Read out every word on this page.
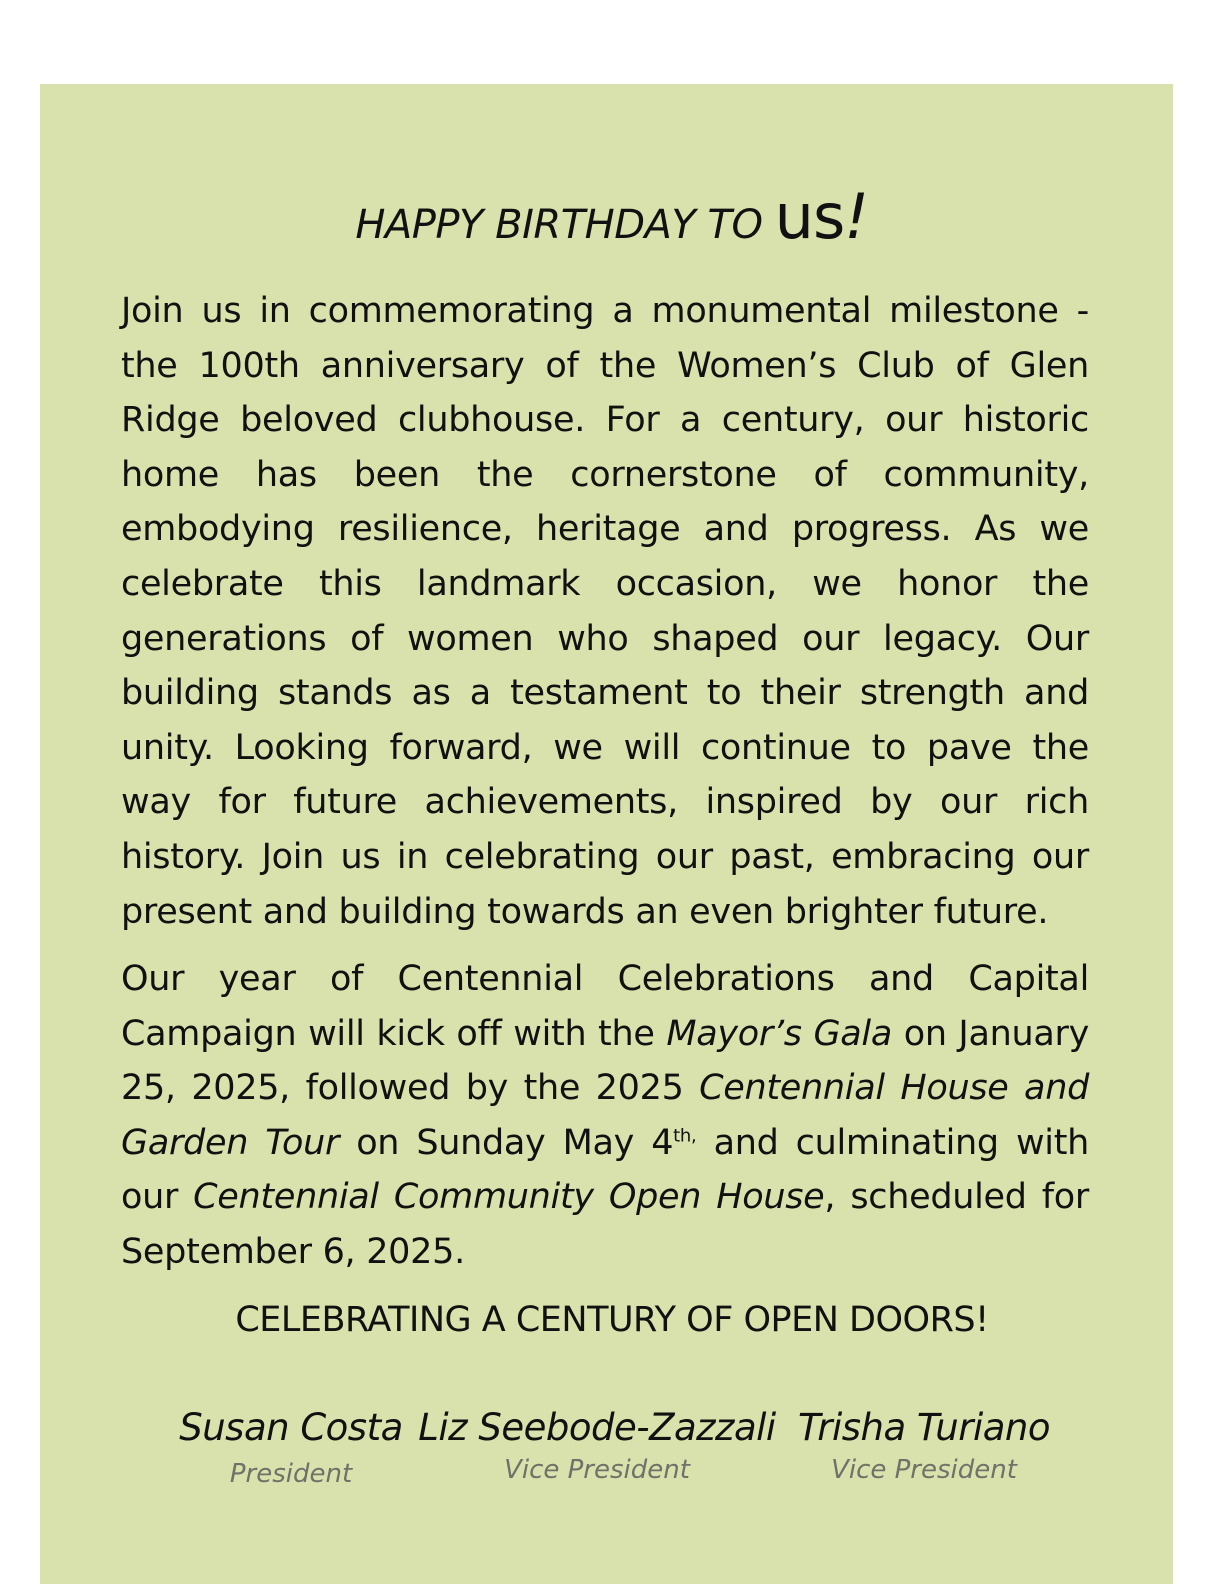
HAPPY BIRTHDAY TO us!

Join us in commemorating a monumental milestone - the 100th anniversary of the Women’s Club of Glen Ridge beloved clubhouse. For a century, our historic home has been the cornerstone of community, embodying resilience, heritage and progress. As we celebrate this landmark occasion, we honor the generations of women who shaped our legacy. Our building stands as a testament to their strength and unity. Looking forward, we will continue to pave the way for future achievements, inspired by our rich history. Join us in celebrating our past, embracing our present and building towards an even brighter future.

Our year of Centennial Celebrations and Capital Campaign will kick off with the Mayor’s Gala on January 25, 2025, followed by the 2025 Centennial House and Garden Tour on Sunday May $4^{th,}$ and culminating with our Centennial Community Open House, scheduled for September 6, 2025.

CELEBRATING A CENTURY OF OPEN DOORS!
Susan Costa
President
Liz Seebode-Zazzali
Vice President
Trisha Turiano
Vice President
